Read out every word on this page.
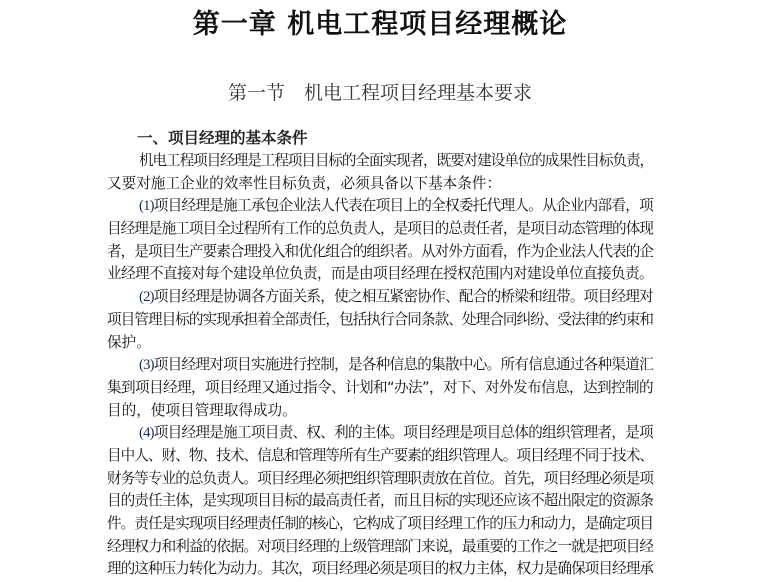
第一章 机电工程项目经理概论
第一节　机电工程项目经理基本要求
一、项目经理的基本条件
机电工程项目经理是工程项目目标的全面实现者，既要对建设单位的成果性目标负责，
又要对施工企业的效率性目标负责，必须具备以下基本条件：
(1)项目经理是施工承包企业法人代表在项目上的全权委托代理人。从企业内部看，项
目经理是施工项目全过程所有工作的总负责人，是项目的总责任者，是项目动态管理的体现
者，是项目生产要素合理投入和优化组合的组织者。从对外方面看，作为企业法人代表的企
业经理不直接对每个建设单位负责，而是由项目经理在授权范围内对建设单位直接负责。
(2)项目经理是协调各方面关系，使之相互紧密协作、配合的桥梁和纽带。项目经理对
项目管理目标的实现承担着全部责任，包括执行合同条款、处理合同纠纷、受法律的约束和
保护。
(3)项目经理对项目实施进行控制，是各种信息的集散中心。所有信息通过各种渠道汇
集到项目经理，项目经理又通过指令、计划和“办法”，对下、对外发布信息，达到控制的
目的，使项目管理取得成功。
(4)项目经理是施工项目责、权、利的主体。项目经理是项目总体的组织管理者，是项
目中人、财、物、技术、信息和管理等所有生产要素的组织管理人。项目经理不同于技术、
财务等专业的总负责人。项目经理必须把组织管理职责放在首位。首先，项目经理必须是项
目的责任主体，是实现项目目标的最高责任者，而且目标的实现还应该不超出限定的资源条
件。责任是实现项目经理责任制的核心，它构成了项目经理工作的压力和动力，是确定项目
经理权力和利益的依据。对项目经理的上级管理部门来说，最重要的工作之一就是把项目经
理的这种压力转化为动力。其次，项目经理必须是项目的权力主体，权力是确保项目经理承
